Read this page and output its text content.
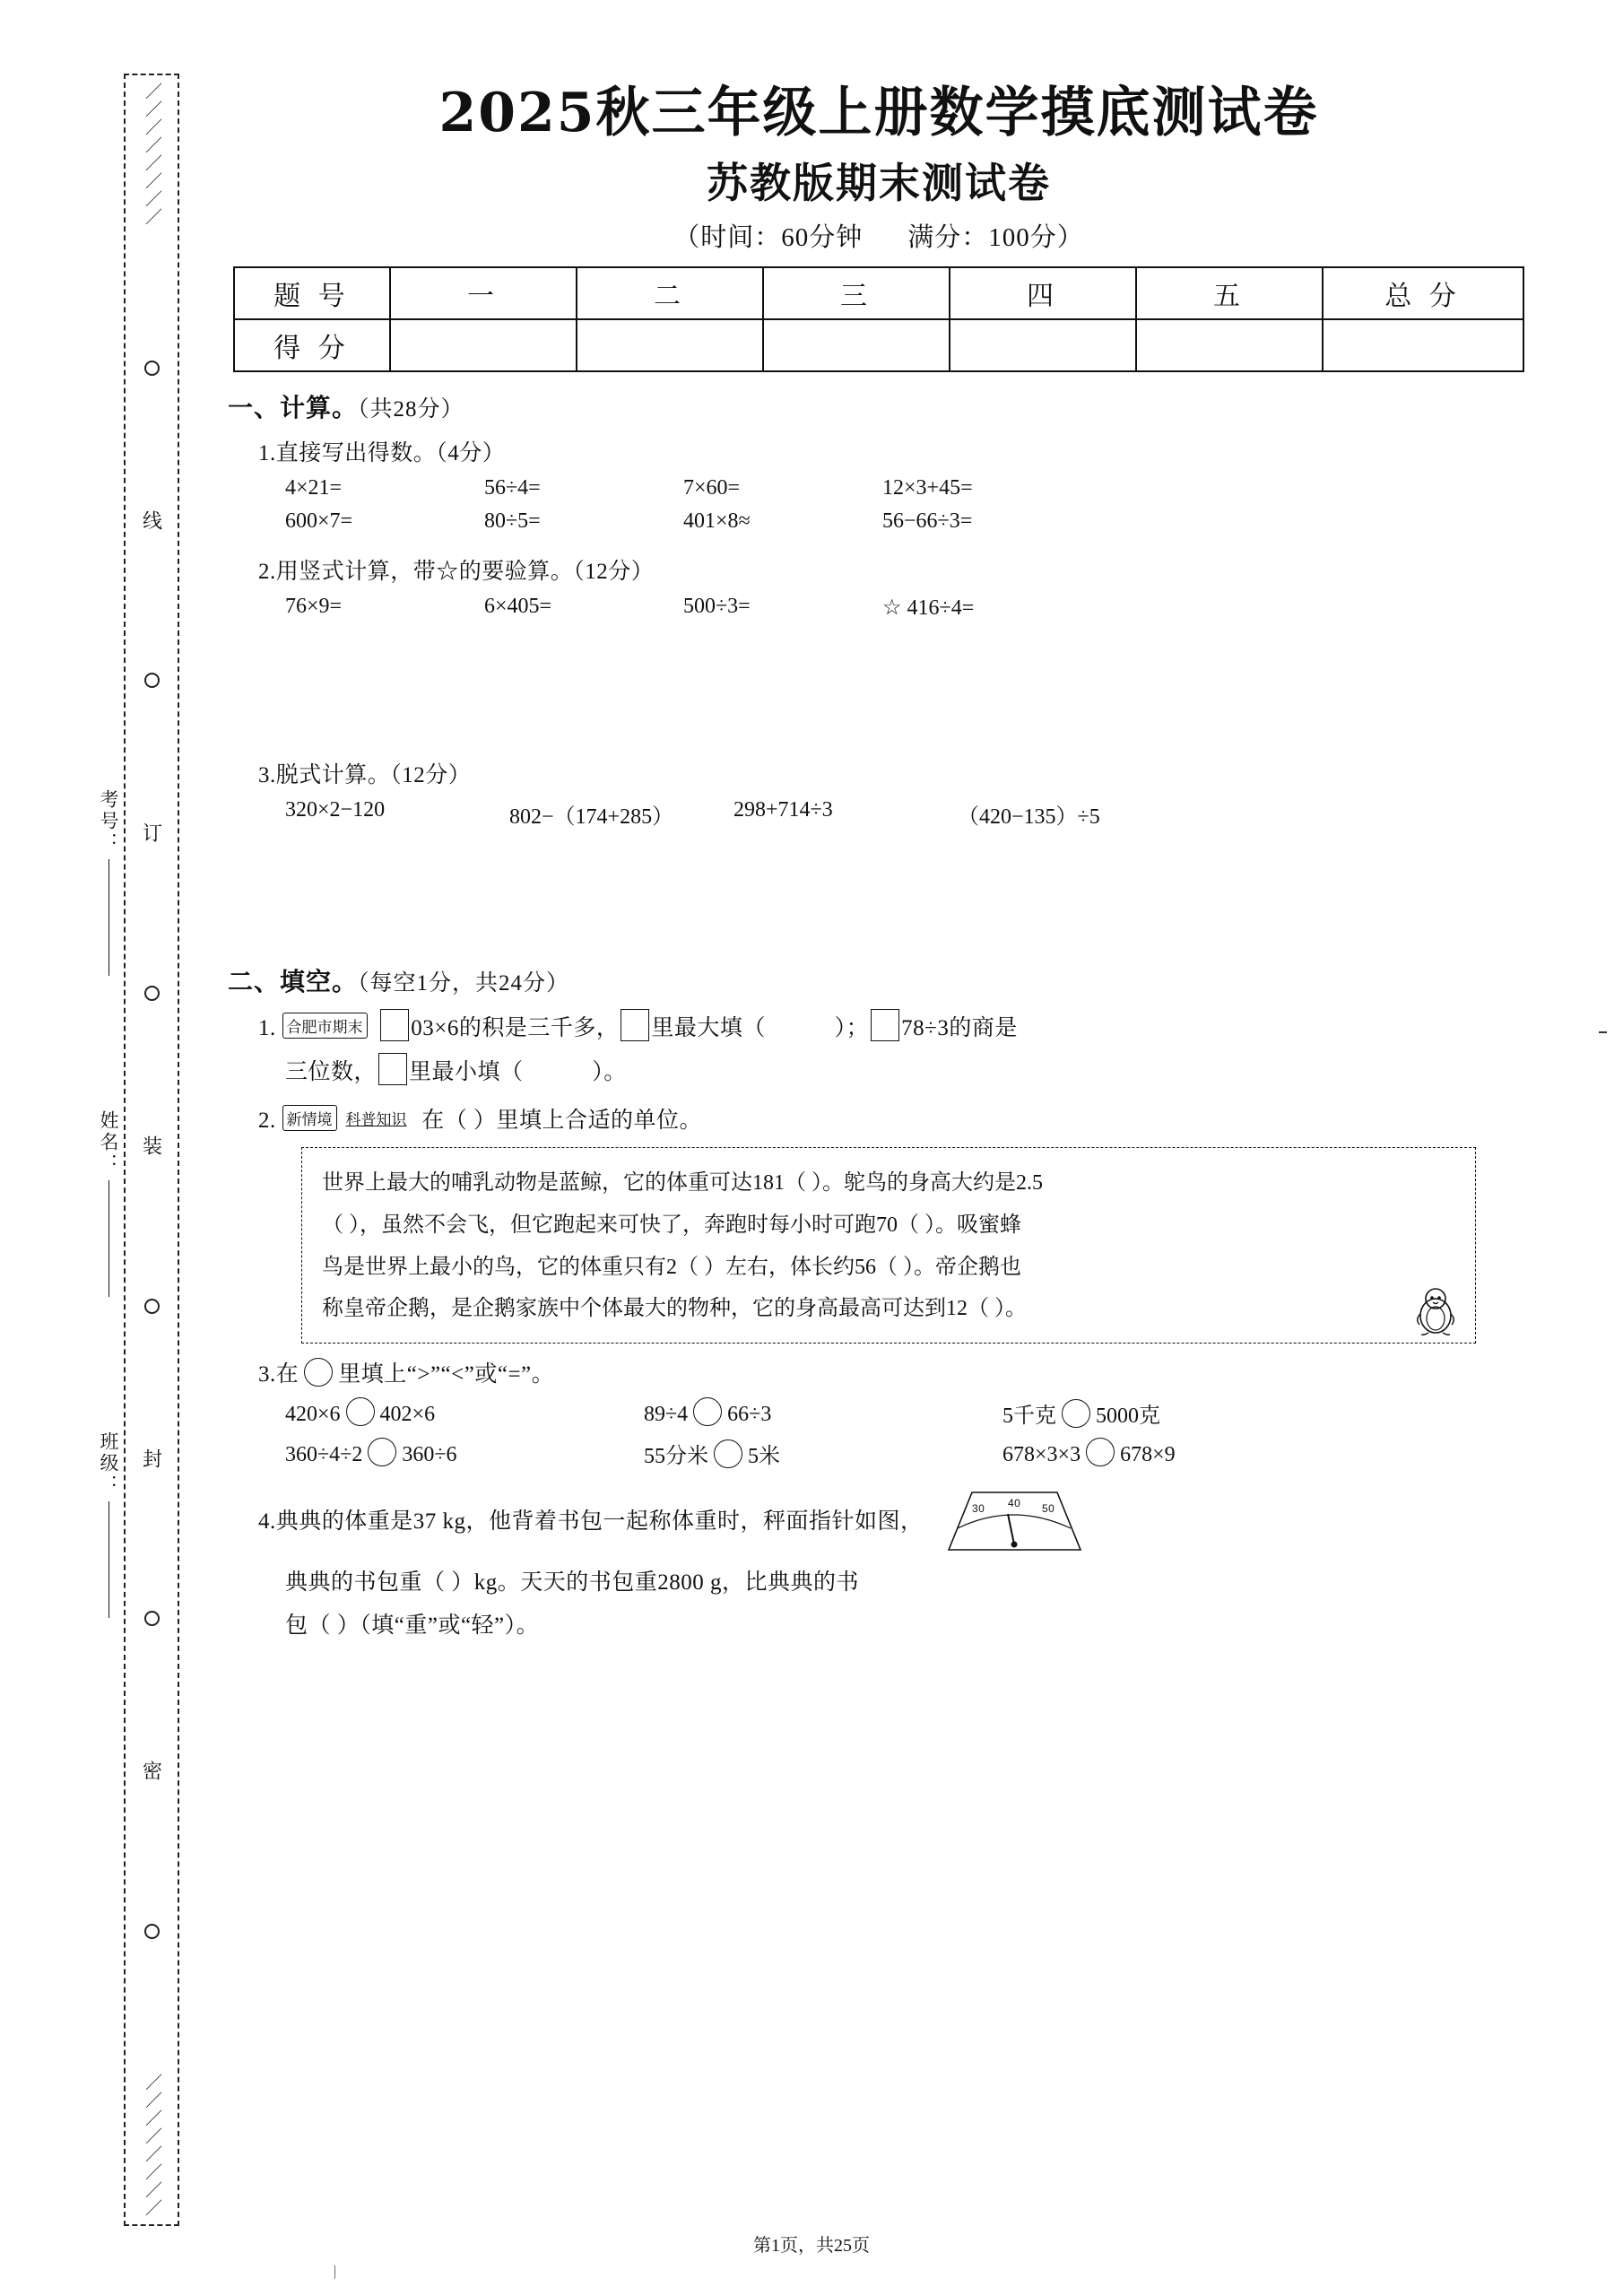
／／／／／／／／
线
订
装
封
密
／／／／／／／／
考号：
姓名：
班级：
2025秋三年级上册数学摸底测试卷
苏教版期末测试卷
（时间：60分钟 满分：100分）
题 号	一	二	三	四	五	总 分
得 分						
一、计算。（共28分）
1.直接写出得数。（4分）
4×21=	56÷4=	7×60=	12×3+45=
600×7=	80÷5=	401×8≈	56−66÷3=
2.用竖式计算，带☆的要验算。（12分）
76×9=	6×405=	500÷3=	☆ 416÷4=
3.脱式计算。（12分）
320×2−120	802−（174+285）	298+714÷3	（420−135）÷5
二、填空。（每空1分，共24分）
1. 合肥市期末 03×6的积是三千多， 里最大填（	）； 78÷3的商是
三位数， 里最小填（	）。
2. 新情境 科普知识 在（ ）里填上合适的单位。
世界上最大的哺乳动物是蓝鲸，它的体重可达181（ ）。鸵鸟的身高大约是2.5
（ ），虽然不会飞，但它跑起来可快了，奔跑时每小时可跑70（ ）。吸蜜蜂
鸟是世界上最小的鸟，它的体重只有2（ ）左右，体长约56（ ）。帝企鹅也
称皇帝企鹅，是企鹅家族中个体最大的物种，它的身高最高可达到12（ ）。
3.在 里填上“>”“<”或“=”。
420×6 402×6	89÷4 66÷3	5千克 5000克
360÷4÷2 360÷6	55分米 5米	678×3×3 678×9
4.典典的体重是37 kg，他背着书包一起称体重时，秤面指针如图，
30 40 50
典典的书包重（ ）kg。天天的书包重2800 g，比典典的书
包（ ）（填“重”或“轻”）。
|
第1页，共25页
